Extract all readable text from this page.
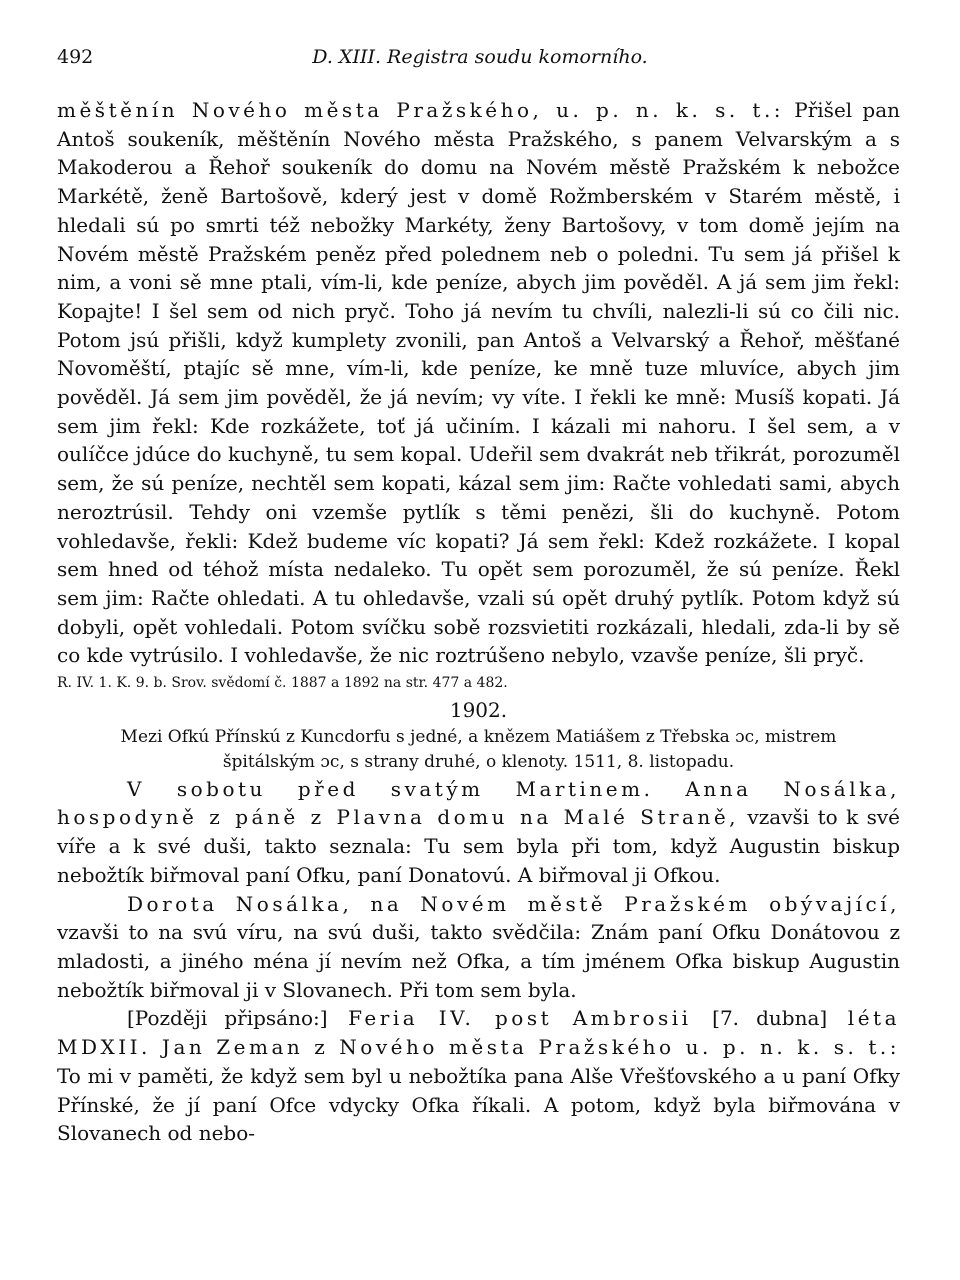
492	D. XIII. Registra soudu komorního.

měštěnín Nového města Pražského, u. p. n. k. s. t.: Přišel pan Antoš soukeník, měštěnín Nového města Pražského, s panem Velvarským a s Makoderou a Řehoř soukeník do domu na Novém městě Pražském k nebožce Markétě, ženě Bartošově, kderý jest v domě Rožmberském v Starém městě, i hledali sú po smrti též nebožky Markéty, ženy Bartošovy, v tom domě jejím na Novém městě Pražském peněz před polednem neb o poledni. Tu sem já přišel k nim, a voni sě mne ptali, vím-li, kde peníze, abych jim pověděl. A já sem jim řekl: Kopajte! I šel sem od nich pryč. Toho já nevím tu chvíli, nalezli-li sú co čili nic. Potom jsú přišli, když kumplety zvonili, pan Antoš a Velvarský a Řehoř, měšťané Novoměští, ptajíc sě mne, vím-li, kde peníze, ke mně tuze mluvíce, abych jim pověděl. Já sem jim pověděl, že já nevím; vy víte. I řekli ke mně: Musíš kopati. Já sem jim řekl: Kde rozkážete, toť já učiním. I kázali mi nahoru. I šel sem, a v oulíčce jdúce do kuchyně, tu sem kopal. Udeřil sem dvakrát neb třikrát, porozuměl sem, že sú peníze, nechtěl sem kopati, kázal sem jim: Račte vohledati sami, abych neroztrúsil. Tehdy oni vzemše pytlík s těmi penězi, šli do kuchyně. Potom vohledavše, řekli: Kdež budeme víc kopati? Já sem řekl: Kdež rozkážete. I kopal sem hned od téhož místa nedaleko. Tu opět sem porozuměl, že sú peníze. Řekl sem jim: Račte ohledati. A tu ohledavše, vzali sú opět druhý pytlík. Potom když sú dobyli, opět vohledali. Potom svíčku sobě rozsvietiti rozkázali, hledali, zda-li by sě co kde vytrúsilo. I vohledavše, že nic roztrúšeno nebylo, vzavše peníze, šli pryč.

R. IV. 1. K. 9. b. Srov. svědomí č. 1887 a 1892 na str. 477 a 482.

1902.

Mezi Ofkú Přínskú z Kuncdorfu s jedné, a knězem Matiášem z Třebska ɔc, mistrem špitálským ɔc, s strany druhé, o klenoty. 1511, 8. listopadu.

V sobotu před svatým Martinem. Anna Nosálka, hospodyně z páně z Plavna domu na Malé Straně, vzavši to k své víře a k své duši, takto seznala: Tu sem byla při tom, když Augustin biskup nebožtík biřmoval paní Ofku, paní Donatovú. A biřmoval ji Ofkou.

Dorota Nosálka, na Novém městě Pražském obývající, vzavši to na svú víru, na svú duši, takto svědčila: Znám paní Ofku Donátovou z mladosti, a jiného ména jí nevím než Ofka, a tím jménem Ofka biskup Augustin nebožtík biřmoval ji v Slovanech. Při tom sem byla.

[Později připsáno:] Feria IV. post Ambrosii [7. dubna] léta MDXII. Jan Zeman z Nového města Pražského u. p. n. k. s. t.: To mi v paměti, že když sem byl u nebožtíka pana Alše Vřešťovského a u paní Ofky Přínské, že jí paní Ofce vdycky Ofka říkali. A potom, když byla biřmována v Slovanech od nebo-
